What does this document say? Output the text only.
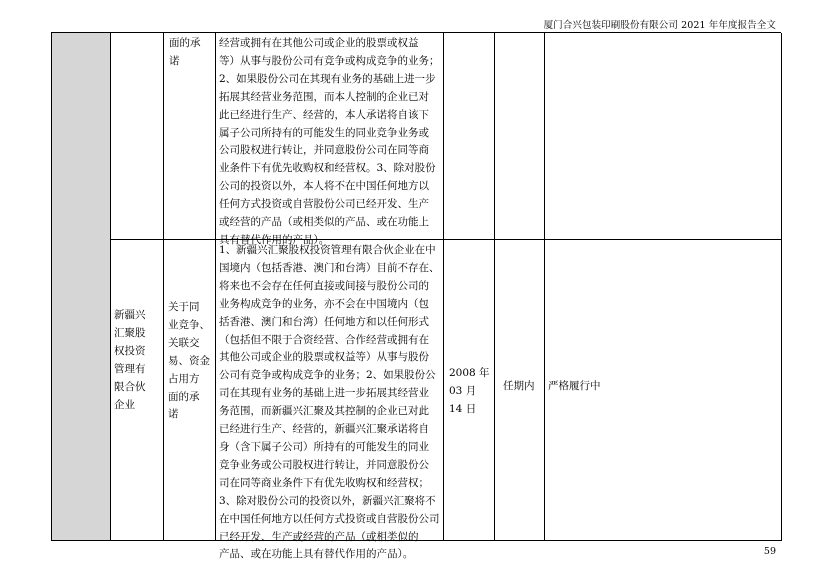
厦门合兴包装印刷股份有限公司 2021 年年度报告全文
面的承
诺
经营或拥有在其他公司或企业的股票或权益
等）从事与股份公司有竞争或构成竞争的业务；
2、如果股份公司在其现有业务的基础上进一步
拓展其经营业务范围，而本人控制的企业已对
此已经进行生产、经营的，本人承诺将自该下
属子公司所持有的可能发生的同业竞争业务或
公司股权进行转让，并同意股份公司在同等商
业条件下有优先收购权和经营权。3、除对股份
公司的投资以外，本人将不在中国任何地方以
任何方式投资或自营股份公司已经开发、生产
或经营的产品（或相类似的产品、或在功能上
具有替代作用的产品）。
新疆兴
汇聚股
权投资
管理有
限合伙
企业
关于同
业竞争、
关联交
易、资金
占用方
面的承
诺
1、新疆兴汇聚股权投资管理有限合伙企业在中
国境内（包括香港、澳门和台湾）目前不存在、
将来也不会存在任何直接或间接与股份公司的
业务构成竞争的业务，亦不会在中国境内（包
括香港、澳门和台湾）任何地方和以任何形式
（包括但不限于合资经营、合作经营或拥有在
其他公司或企业的股票或权益等）从事与股份
公司有竞争或构成竞争的业务；2、如果股份公
司在其现有业务的基础上进一步拓展其经营业
务范围，而新疆兴汇聚及其控制的企业已对此
已经进行生产、经营的，新疆兴汇聚承诺将自
身（含下属子公司）所持有的可能发生的同业
竞争业务或公司股权进行转让，并同意股份公
司在同等商业条件下有优先收购权和经营权；
3、除对股份公司的投资以外，新疆兴汇聚将不
在中国任何地方以任何方式投资或自营股份公司
已经开发、生产或经营的产品（或相类似的
产品、或在功能上具有替代作用的产品）。
2008 年
03 月
14 日
任期内 严格履行中
59
